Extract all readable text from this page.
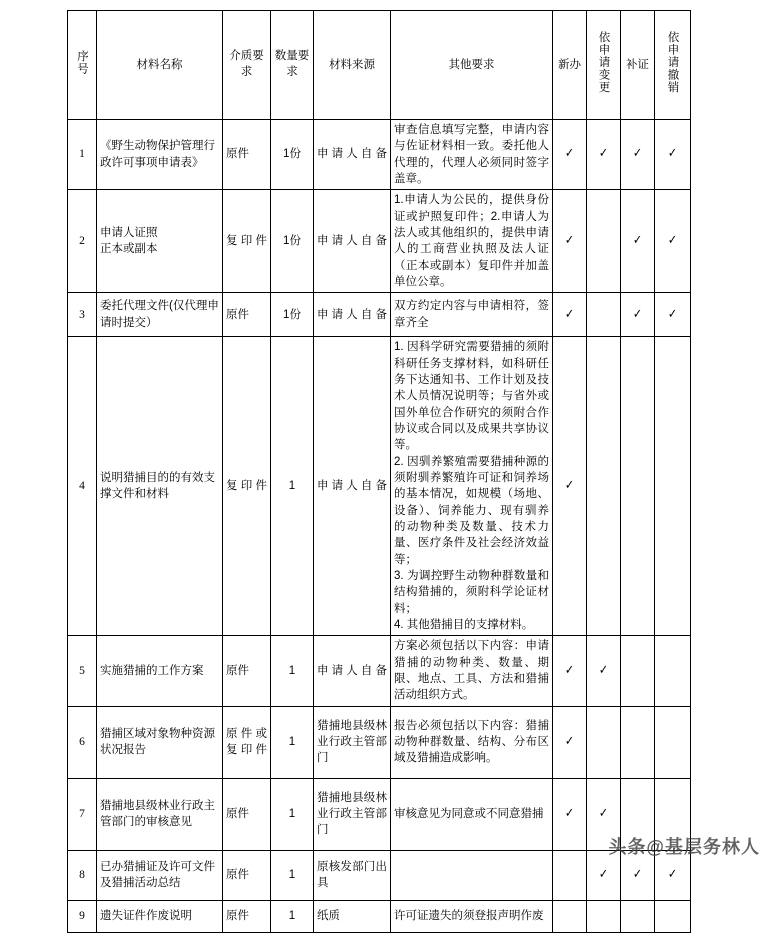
序号	材料名称	介质要求	数量要求	材料来源	其他要求	新办	依申请变更	补证	依申请撤销
1	《野生动物保护管理行政许可事项申请表》	原件	1份	申请人自备	审查信息填写完整，申请内容与佐证材料相一致。委托他人代理的，代理人必须同时签字盖章。	✓	✓	✓	✓
2	申请人证照
正本或副本	复印件	1份	申请人自备	1.申请人为公民的，提供身份证或护照复印件；2.申请人为法人或其他组织的，提供申请人的工商营业执照及法人证（正本或副本）复印件并加盖单位公章。	✓		✓	✓
3	委托代理文件(仅代理申请时提交）	原件	1份	申请人自备	双方约定内容与申请相符，签章齐全	✓		✓	✓
4	说明猎捕目的的有效支撑文件和材料	复印件	1	申请人自备	1. 因科学研究需要猎捕的须附科研任务支撑材料，如科研任务下达通知书、工作计划及技术人员情况说明等；与省外或国外单位合作研究的须附合作协议或合同以及成果共享协议等。
2. 因驯养繁殖需要猎捕种源的须附驯养繁殖许可证和饲养场的基本情况，如规模（场地、设备）、饲养能力、现有驯养的动物种类及数量、技术力量、医疗条件及社会经济效益等；
3. 为调控野生动物种群数量和结构猎捕的，须附科学论证材料；
4. 其他猎捕目的支撑材料。	✓			
5	实施猎捕的工作方案	原件	1	申请人自备	方案必须包括以下内容：申请猎捕的动物种类、数量、期限、地点、工具、方法和猎捕活动组织方式。	✓	✓		
6	猎捕区域对象物种资源状况报告	原件或复印件	1	猎捕地县级林业行政主管部门	报告必须包括以下内容：猎捕动物种群数量、结构、分布区域及猎捕造成影响。	✓			
7	猎捕地县级林业行政主管部门的审核意见	原件	1	猎捕地县级林业行政主管部门	审核意见为同意或不同意猎捕	✓	✓		
8	已办猎捕证及许可文件及猎捕活动总结	原件	1	原核发部门出具			✓	✓	✓
9	遗失证件作废说明	原件	1	纸质	许可证遗失的须登报声明作废				
头条@基层务林人
